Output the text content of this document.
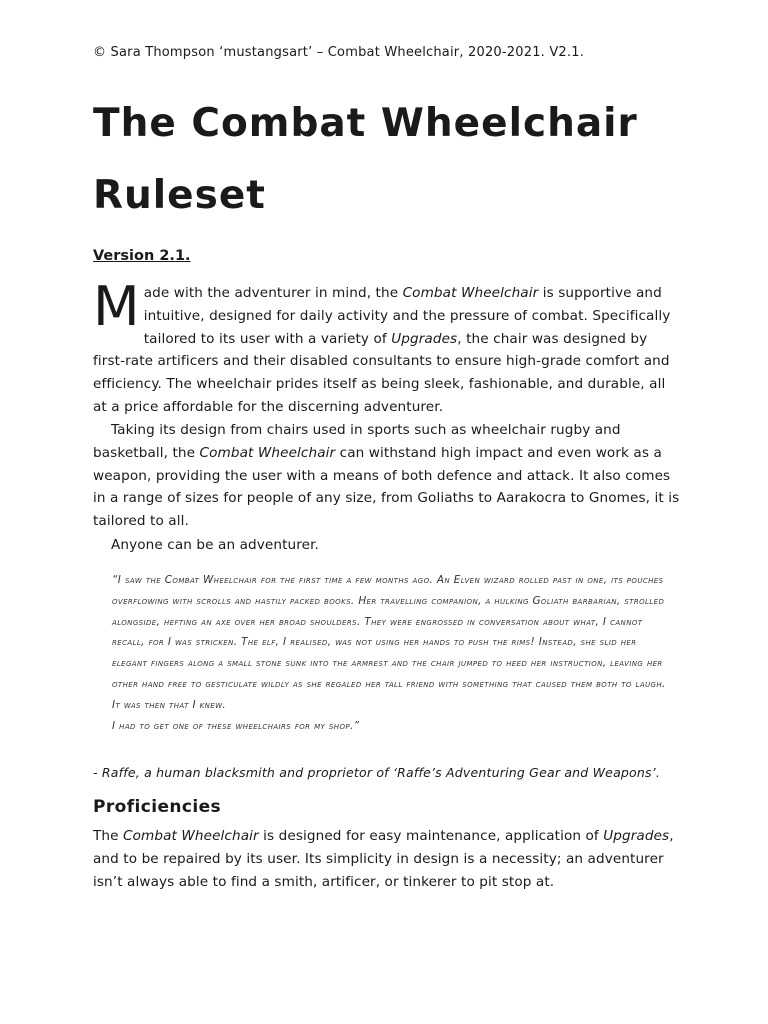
© Sara Thompson ‘mustangsart’ – Combat Wheelchair, 2020-2021. V2.1.
The Combat Wheelchair
Ruleset
Version 2.1.

Made with the adventurer in mind, the Combat Wheelchair is supportive and intuitive, designed for daily activity and the pressure of combat. Specifically tailored to its user with a variety of Upgrades, the chair was designed by first-rate artificers and their disabled consultants to ensure high-grade comfort and efficiency. The wheelchair prides itself as being sleek, fashionable, and durable, all at a price affordable for the discerning adventurer.

Taking its design from chairs used in sports such as wheelchair rugby and basketball, the Combat Wheelchair can withstand high impact and even work as a weapon, providing the user with a means of both defence and attack. It also comes in a range of sizes for people of any size, from Goliaths to Aarakocra to Gnomes, it is tailored to all.

Anyone can be an adventurer.

“I saw the Combat Wheelchair for the first time a few months ago. An Elven wizard rolled past in one, its pouches overflowing with scrolls and hastily packed books. Her travelling companion, a hulking Goliath barbarian, strolled alongside, hefting an axe over her broad shoulders. They were engrossed in conversation about what, I cannot recall, for I was stricken. The elf, I realised, was not using her hands to push the rims! Instead, she slid her elegant fingers along a small stone sunk into the armrest and the chair jumped to heed her instruction, leaving her other hand free to gesticulate wildly as she regaled her tall friend with something that caused them both to laugh. It was then that I knew.
I had to get one of these wheelchairs for my shop.”

- Raffe, a human blacksmith and proprietor of ‘Raffe’s Adventuring Gear and Weapons’.
Proficiencies

The Combat Wheelchair is designed for easy maintenance, application of Upgrades, and to be repaired by its user. Its simplicity in design is a necessity; an adventurer isn’t always able to find a smith, artificer, or tinkerer to pit stop at.
